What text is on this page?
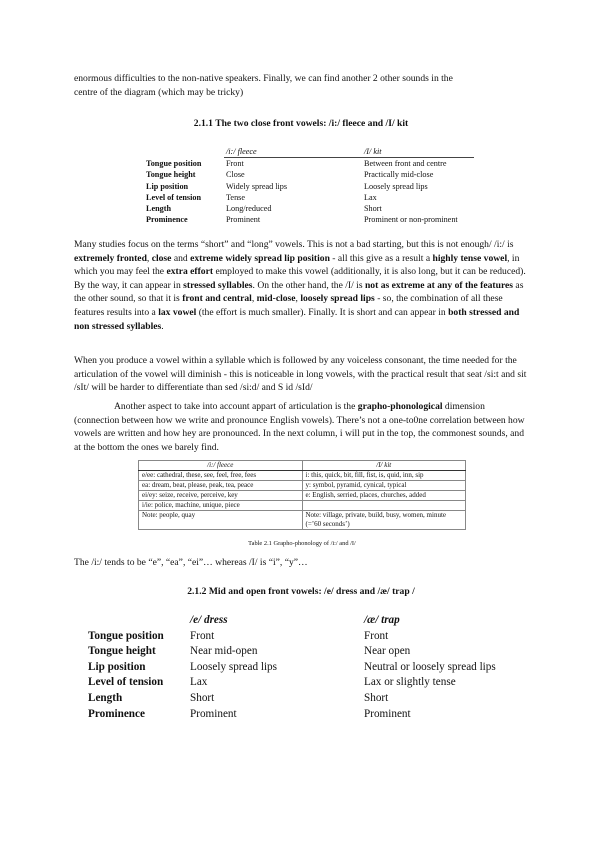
enormous difficulties to the non-native speakers. Finally, we can find another 2 other sounds in the
centre of the diagram (which may be tricky)

2.1.1 The two close front vowels: /i:/ fleece and /I/ kit
	/i:/ fleece	/I/ kit
Tongue position	Front	Between front and centre
Tongue height	Close	Practically mid-close
Lip position	Widely spread lips	Loosely spread lips
Level of tension	Tense	Lax
Length	Long/reduced	Short
Prominence	Prominent	Prominent or non-prominent

Many studies focus on the terms “short” and “long” vowels. This is not a bad starting, but this is not enough/ /i:/ is extremely fronted, close and extreme widely spread lip position - all this give as a result a highly tense vowel, in which you may feel the extra effort employed to make this vowel (additionally, it is also long, but it can be reduced). By the way, it can appear in stressed syllables. On the other hand, the /I/ is not as extreme at any of the features as the other sound, so that it is front and central, mid-close, loosely spread lips - so, the combination of all these features results into a lax vowel (the effort is much smaller). Finally. It is short and can appear in both stressed and non stressed syllables.

When you produce a vowel within a syllable which is followed by any voiceless consonant, the time needed for the articulation of the vowel will diminish - this is noticeable in long vowels, with the practical result that seat /si:t and sit /sIt/ will be harder to differentiate than sed /si:d/ and S id /sId/

Another aspect to take into account appart of articulation is the grapho-phonological dimension (connection between how we write and pronounce English vowels). There’s not a one-to0ne correlation between how vowels are written and how hey are pronounced. In the next column, i will put in the top, the commonest sounds, and at the bottom the ones we barely find.

/i:/ fleece	/I/ kit
e/ee: cathedral, these, see, feel, free, fees	i: this, quick, bit, fill, fist, is, quid, inn, sip
ea: dream, beat, please, peak, tea, peace	y: symbol, pyramid, cynical, typical
ei/ey: seize, receive, perceive, key	e: English, serried, places, churches, added
i/ie: police, machine, unique, piece	
Note: people, quay	Note: village, private, build, busy, women, minute (=’60 seconds’)
Table 2.1 Grapho-phonology of /i:/ and /I/

The /i:/ tends to be “e”, “ea”, “ei”… whereas /I/ is “i”, “y”…

2.1.2 Mid and open front vowels: /e/ dress and /æ/ trap /
	/e/ dress	/æ/ trap
Tongue position	Front	Front
Tongue height	Near mid-open	Near open
Lip position	Loosely spread lips	Neutral or loosely spread lips
Level of tension	Lax	Lax or slightly tense
Length	Short	Short
Prominence	Prominent	Prominent
